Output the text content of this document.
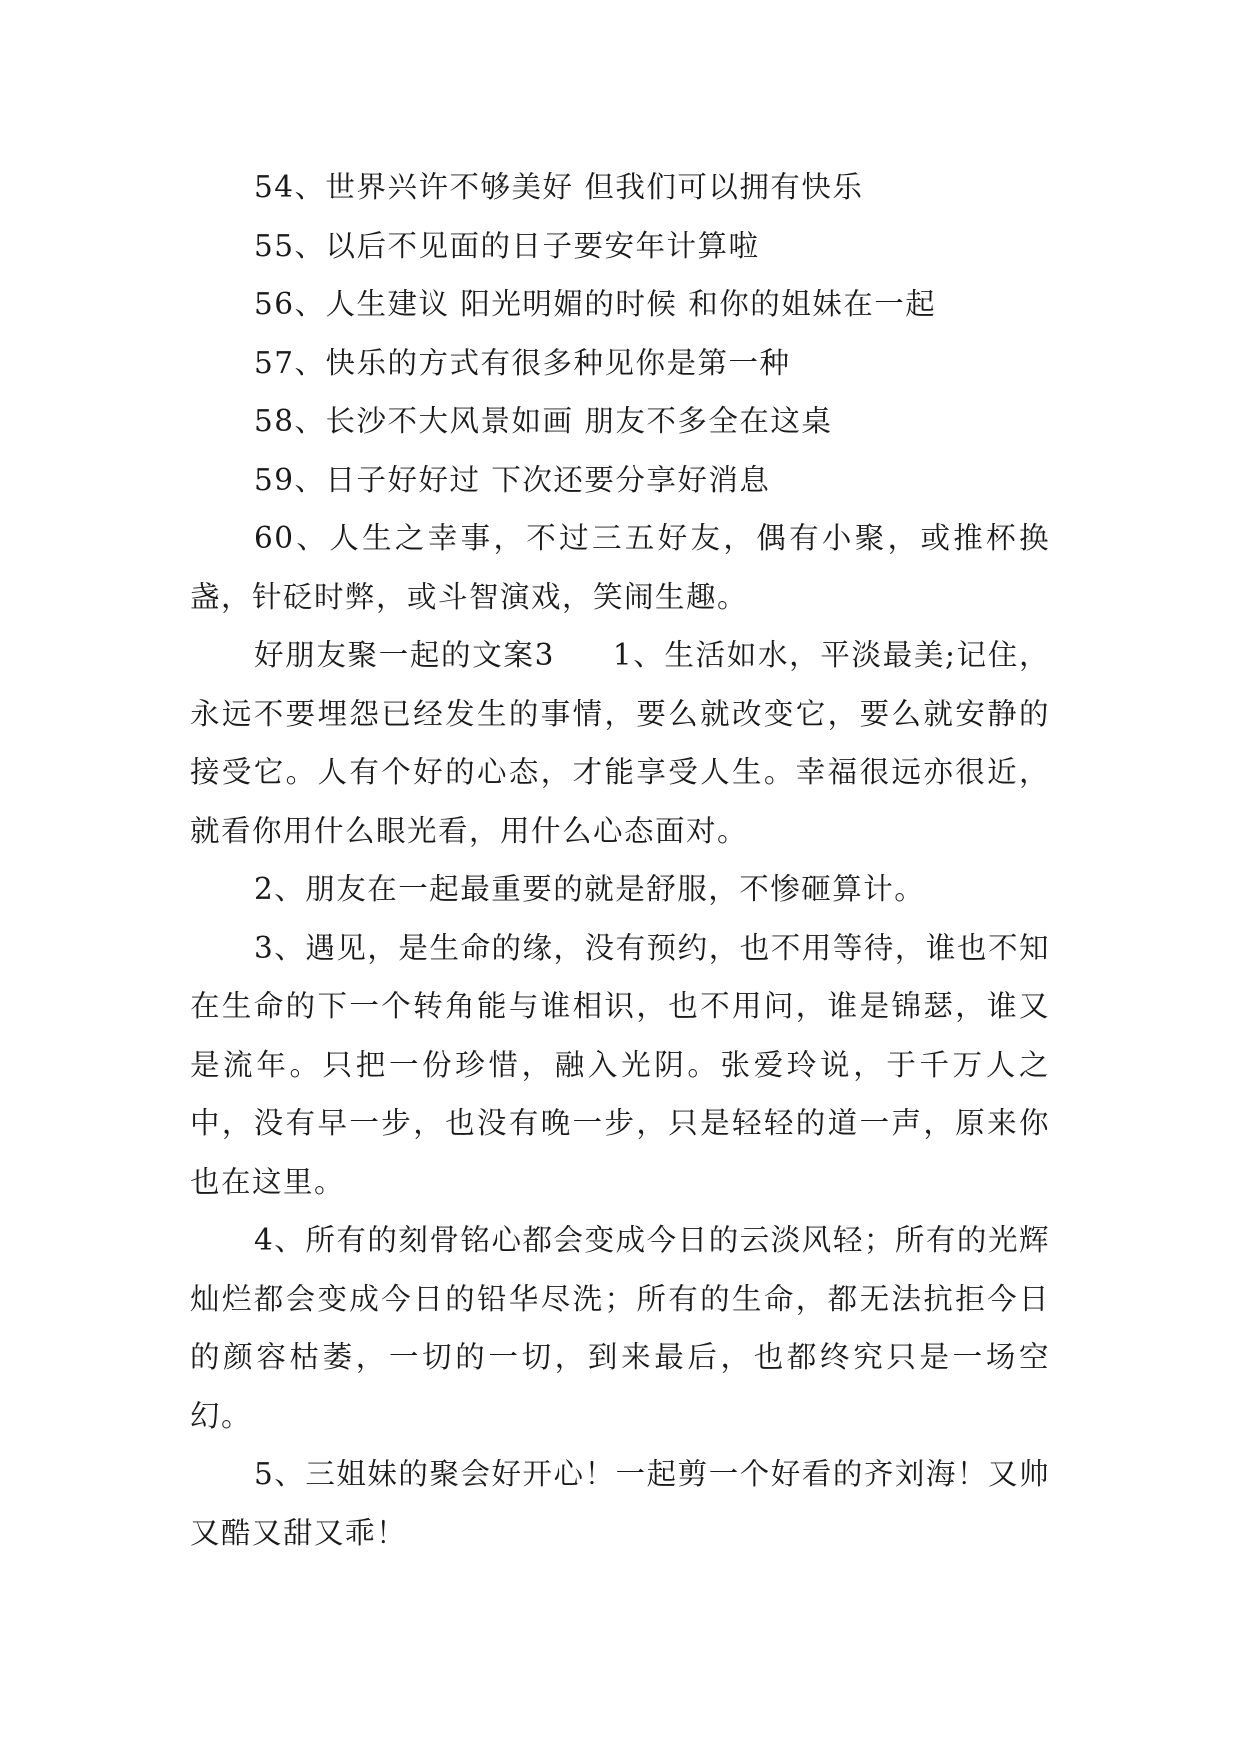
54、世界兴许不够美好 但我们可以拥有快乐

55、以后不见面的日子要安年计算啦

56、人生建议 阳光明媚的时候 和你的姐妹在一起

57、快乐的方式有很多种见你是第一种

58、长沙不大风景如画 朋友不多全在这桌

59、日子好好过 下次还要分享好消息

60、人生之幸事，不过三五好友，偶有小聚，或推杯换盏，针砭时弊，或斗智演戏，笑闹生趣。

好朋友聚一起的文案3 1、生活如水，平淡最美;记住，永远不要埋怨已经发生的事情，要么就改变它，要么就安静的接受它。人有个好的心态，才能享受人生。幸福很远亦很近，就看你用什么眼光看，用什么心态面对。

2、朋友在一起最重要的就是舒服，不惨砸算计。

3、遇见，是生命的缘，没有预约，也不用等待，谁也不知在生命的下一个转角能与谁相识，也不用问，谁是锦瑟，谁又是流年。只把一份珍惜，融入光阴。张爱玲说，于千万人之中，没有早一步，也没有晚一步，只是轻轻的道一声，原来你也在这里。

4、所有的刻骨铭心都会变成今日的云淡风轻；所有的光辉灿烂都会变成今日的铅华尽洗；所有的生命，都无法抗拒今日的颜容枯萎，一切的一切，到来最后，也都终究只是一场空幻。

5、三姐妹的聚会好开心！一起剪一个好看的齐刘海！又帅又酷又甜又乖！
